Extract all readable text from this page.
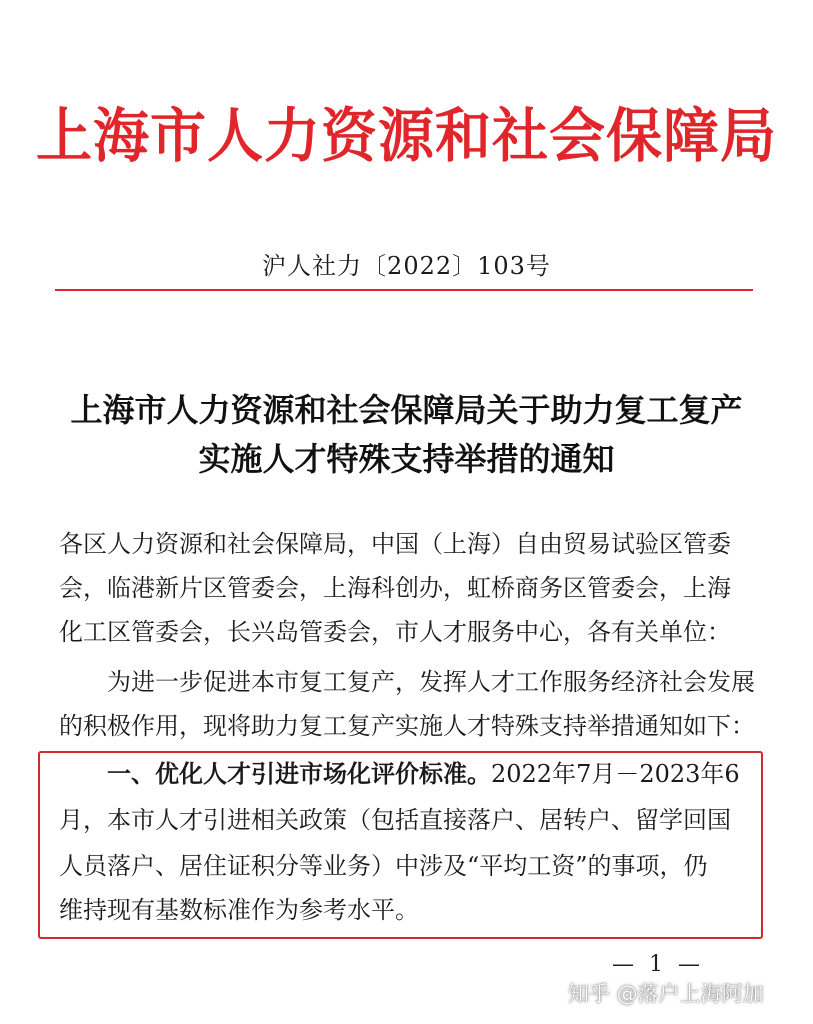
上海市人力资源和社会保障局
沪人社力〔2022〕103号
上海市人力资源和社会保障局关于助力复工复产
实施人才特殊支持举措的通知
各区人力资源和社会保障局，中国（上海）自由贸易试验区管委
会，临港新片区管委会，上海科创办，虹桥商务区管委会，上海
化工区管委会，长兴岛管委会，市人才服务中心，各有关单位：
为进一步促进本市复工复产，发挥人才工作服务经济社会发展
的积极作用，现将助力复工复产实施人才特殊支持举措通知如下：
一、优化人才引进市场化评价标准。2022年7月－2023年6
月，本市人才引进相关政策（包括直接落户、居转户、留学回国
人员落户、居住证积分等业务）中涉及“平均工资”的事项，仍
维持现有基数标准作为参考水平。
— 1 —
知乎 @落户上海阿加
